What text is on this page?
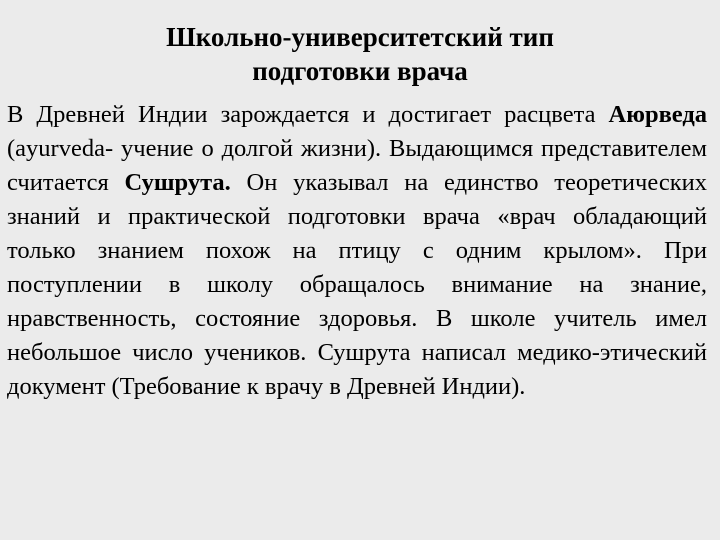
Школьно-университетский тип
подготовки врача

В Древней Индии зарождается и достигает расцвета Аюрведа (ayurveda- учение о долгой жизни). Выдающимся представителем считается Сушрута. Он указывал на единство теоретических знаний и практической подготовки врача «врач обладающий только знанием похож на птицу с одним крылом». При поступлении в школу обращалось внимание на знание, нравственность, состояние здоровья. В школе учитель имел небольшое число учеников. Сушрута написал медико-этический документ (Требование к врачу в Древней Индии).
